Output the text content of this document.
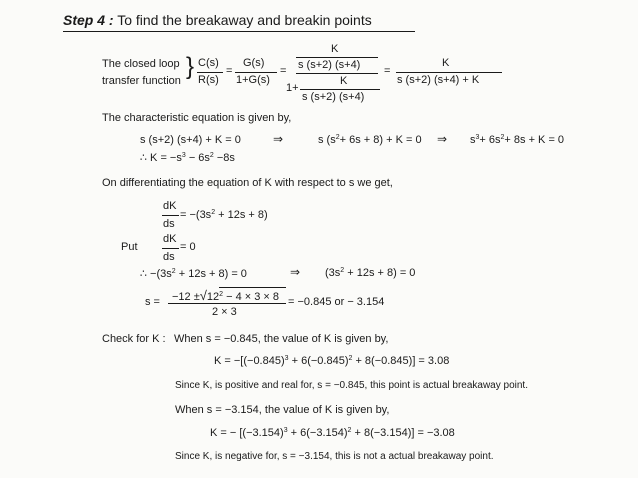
Step 4 : To find the breakaway and breakin points
The closed loop
transfer function
} C(s)
R(s)
=
G(s)
1+G(s)
=
K
s (s+2) (s+4)
1+
K
s (s+2) (s+4)
=
K
s (s+2) (s+4) + K
The characteristic equation is given by,
s (s+2) (s+4) + K = 0	⇒	s $(s^2+ 6s + 8) + K = 0$ ⇒ $s^3+ 6s^2+ 8s + K = 0$
∴ $K = -s^3 - 6s^2 -8s$
On differentiating the equation of K with respect to s we get,
dK
ds
= $-(3s^2 + 12s + 8)$
Put
dK
ds
= 0
∴ $-(3s^2 + 12s + 8) = 0$	⇒ $(3s^2 + 12s + 8) = 0$
$s = -12 \pm√12^2 - 4 \times 3 \times 8$
2 × 3
= −0.845 or − 3.154
Check for K : When s = −0.845, the value of K is given by,
$K = -[(-0.845)^3 + 6(-0.845)^2 + 8(-0.845)] = 3.08$
Since K, is positive and real for, s = −0.845, this point is actual breakaway point.
When s = −3.154, the value of K is given by,
K = − $[(-3.154)^3 + 6(-3.154)^2 + 8(-3.154)] = -3.08$
Since K, is negative for, s = −3.154, this is not a actual breakaway point.
